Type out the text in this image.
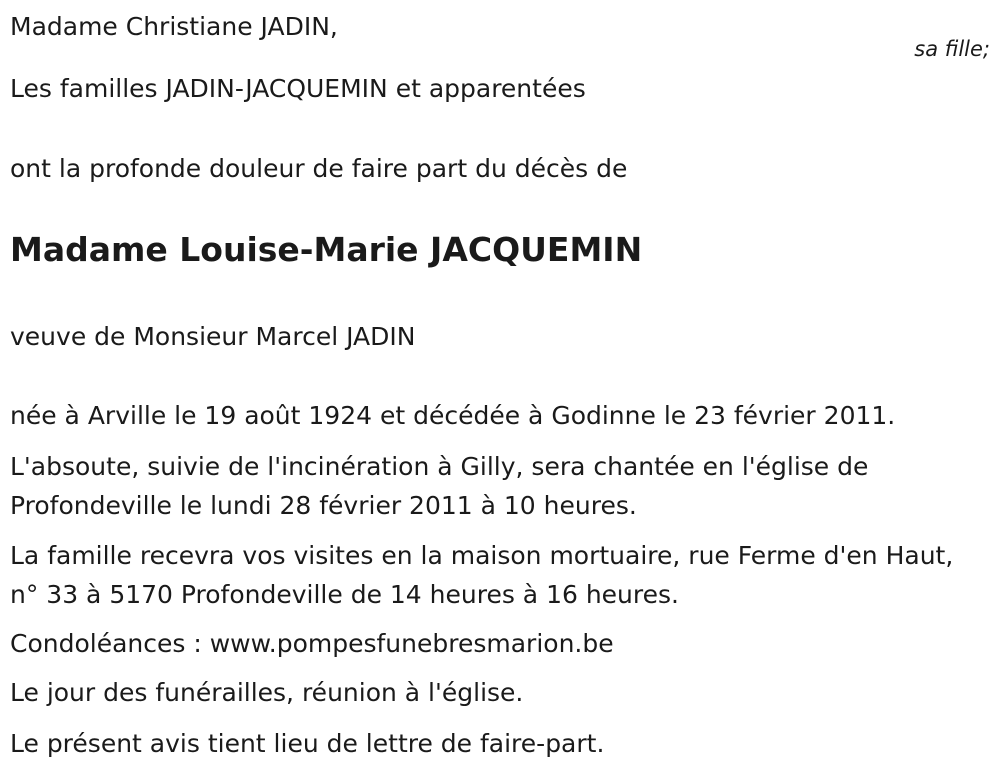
Madame Christiane JADIN,
sa fille;
Les familles JADIN-JACQUEMIN et apparentées
ont la profonde douleur de faire part du décès de
Madame Louise-Marie JACQUEMIN
veuve de Monsieur Marcel JADIN
née à Arville le 19 août 1924 et décédée à Godinne le 23 février 2011.
L'absoute, suivie de l'incinération à Gilly, sera chantée en l'église de Profondeville le lundi 28 février 2011 à 10 heures.
La famille recevra vos visites en la maison mortuaire, rue Ferme d'en Haut, n° 33 à 5170 Profondeville de 14 heures à 16 heures.
Condoléances : www.pompesfunebresmarion.be
Le jour des funérailles, réunion à l'église.
Le présent avis tient lieu de lettre de faire-part.
